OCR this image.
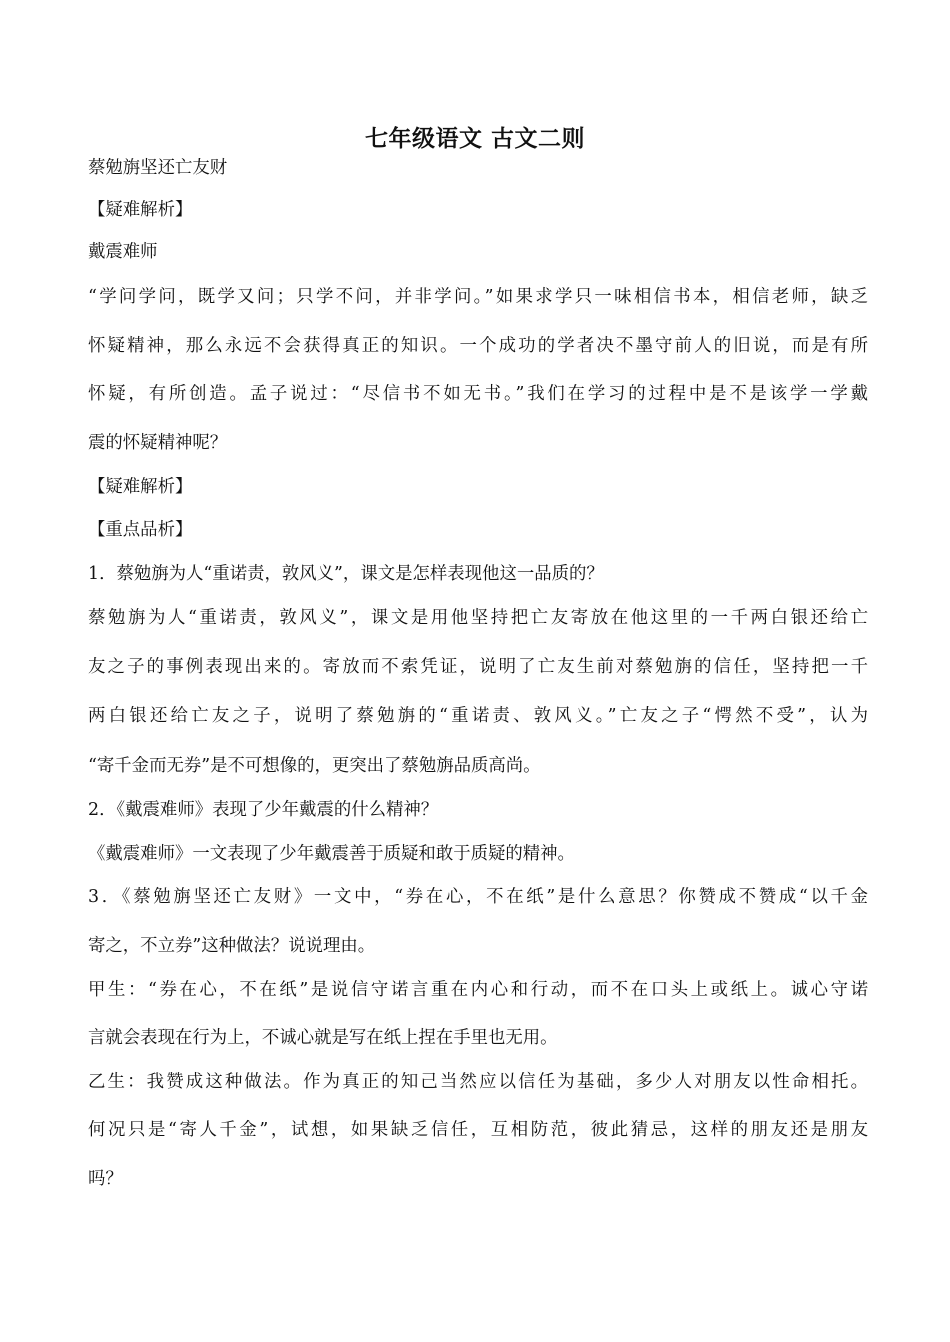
七年级语文 古文二则
蔡勉旃坚还亡友财
【疑难解析】
戴震难师
“学问学问，既学又问；只学不问，并非学问。”如果求学只一味相信书本，相信老师，缺乏
怀疑精神，那么永远不会获得真正的知识。一个成功的学者决不墨守前人的旧说，而是有所
怀疑，有所创造。孟子说过：“尽信书不如无书。”我们在学习的过程中是不是该学一学戴
震的怀疑精神呢？
【疑难解析】
【重点品析】
1．蔡勉旃为人“重诺责，敦风义”，课文是怎样表现他这一品质的？
蔡勉旃为人“重诺责，敦风义”，课文是用他坚持把亡友寄放在他这里的一千两白银还给亡
友之子的事例表现出来的。寄放而不索凭证，说明了亡友生前对蔡勉旃的信任，坚持把一千
两白银还给亡友之子，说明了蔡勉旃的“重诺责、敦风义。”亡友之子“愕然不受”，认为
“寄千金而无券”是不可想像的，更突出了蔡勉旃品质高尚。
2．《戴震难师》表现了少年戴震的什么精神？
《戴震难师》一文表现了少年戴震善于质疑和敢于质疑的精神。
3．《蔡勉旃坚还亡友财》一文中，“券在心，不在纸”是什么意思？你赞成不赞成“以千金
寄之，不立券”这种做法？说说理由。
甲生：“券在心，不在纸”是说信守诺言重在内心和行动，而不在口头上或纸上。诚心守诺
言就会表现在行为上，不诚心就是写在纸上捏在手里也无用。
乙生：我赞成这种做法。作为真正的知己当然应以信任为基础，多少人对朋友以性命相托。
何况只是“寄人千金”，试想，如果缺乏信任，互相防范，彼此猜忌，这样的朋友还是朋友
吗？
